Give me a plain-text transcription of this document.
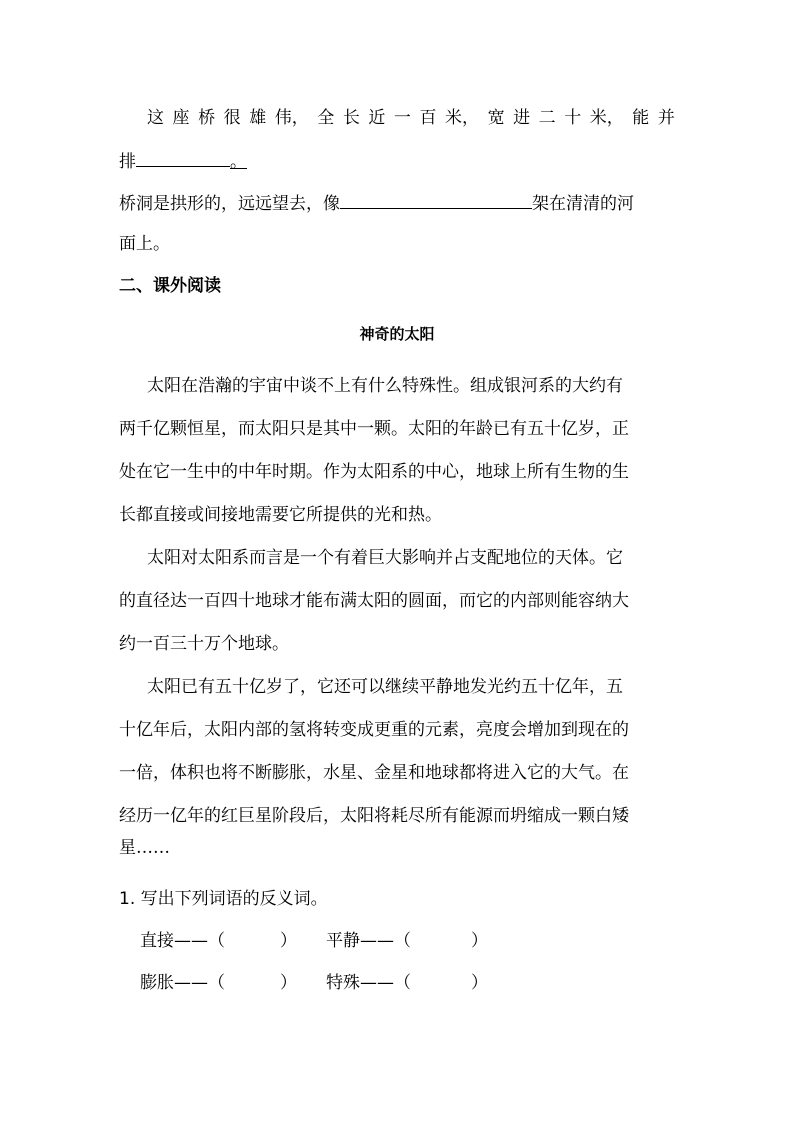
这 座 桥 很 雄 伟， 全 长 近 一 百 米， 宽 进 二 十 米， 能 并
排	。
桥洞是拱形的，远远望去，像	架在清清的河
面上。
二、课外阅读
神奇的太阳
太阳在浩瀚的宇宙中谈不上有什么特殊性。组成银河系的大约有
两千亿颗恒星，而太阳只是其中一颗。太阳的年龄已有五十亿岁，正
处在它一生中的中年时期。作为太阳系的中心，地球上所有生物的生
长都直接或间接地需要它所提供的光和热。
太阳对太阳系而言是一个有着巨大影响并占支配地位的天体。它
的直径达一百四十地球才能布满太阳的圆面，而它的内部则能容纳大
约一百三十万个地球。
太阳已有五十亿岁了，它还可以继续平静地发光约五十亿年，五
十亿年后，太阳内部的氢将转变成更重的元素，亮度会增加到现在的
一倍，体积也将不断膨胀，水星、金星和地球都将进入它的大气。在
经历一亿年的红巨星阶段后，太阳将耗尽所有能源而坍缩成一颗白矮
星……
1. 写出下列词语的反义词。
直接——（	） 平静——（	）
膨胀——（	） 特殊——（	）
